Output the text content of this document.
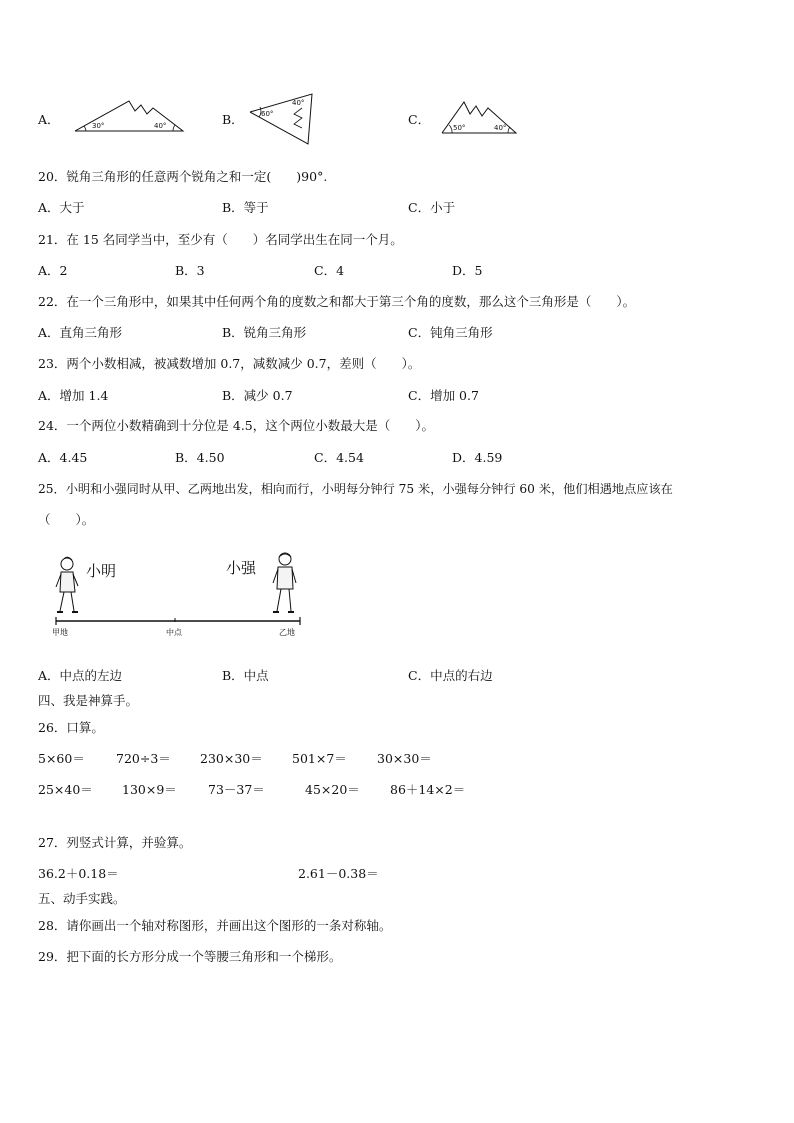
A．	30°	40°	B． 60°
40°
C．
50°	40°
20．锐角三角形的任意两个锐角之和一定(　　)90°.
A．大于	B．等于	C．小于
21．在 15 名同学当中，至少有（　　）名同学出生在同一个月。
A．2	B．3	C．4	D．5
22．在一个三角形中，如果其中任何两个角的度数之和都大于第三个角的度数，那么这个三角形是（　　）。
A．直角三角形	B．锐角三角形	C．钝角三角形
23．两个小数相减，被减数增加 0.7，减数减少 0.7，差则（　　）。
A．增加 1.4	B．减少 0.7	C．增加 0.7
24．一个两位小数精确到十分位是 4.5，这个两位小数最大是（　　）。
A．4.45	B．4.50	C．4.54	D．4.59
25．小明和小强同时从甲、乙两地出发，相向而行，小明每分钟行 75 米，小强每分钟行 60 米，他们相遇地点应该在
（　　）。
小明	小强
甲地	中点	乙地
A．中点的左边	B．中点	C．中点的右边
四、我是神算手。
26．口算。
5×60＝ 720÷3＝ 230×30＝ 501×7＝ 30×30＝
25×40＝ 130×9＝ 73－37＝	45×20＝ 86＋14×2＝
27．列竖式计算，并验算。
36.2＋0.18＝	2.61－0.38＝
五、动手实践。
28．请你画出一个轴对称图形，并画出这个图形的一条对称轴。
29．把下面的长方形分成一个等腰三角形和一个梯形。
